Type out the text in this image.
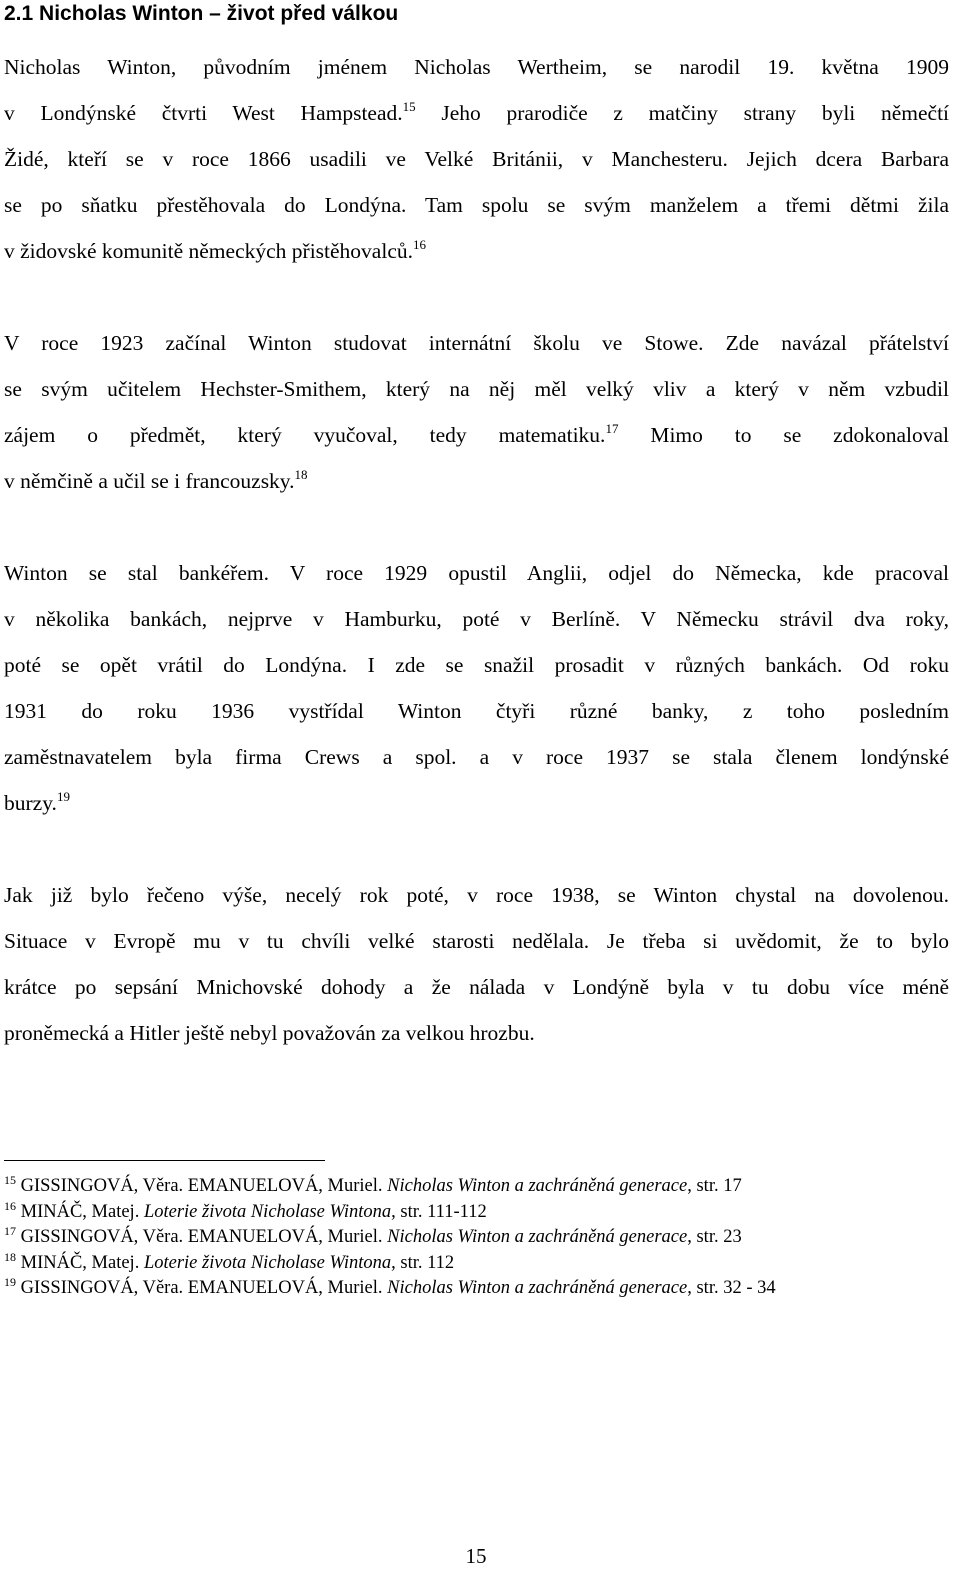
2.1 Nicholas Winton – život před válkou
Nicholas Winton, původním jménem Nicholas Wertheim, se narodil 19. května 1909
v Londýnské čtvrti West Hampstead.$^{15}$ Jeho prarodiče z matčiny strany byli němečtí
Židé, kteří se v roce 1866 usadili ve Velké Británii, v Manchesteru. Jejich dcera Barbara
se po sňatku přestěhovala do Londýna. Tam spolu se svým manželem a třemi dětmi žila
v židovské komunitě německých přistěhovalců.$^{16}$
V roce 1923 začínal Winton studovat internátní školu ve Stowe. Zde navázal přátelství
se svým učitelem Hechster-Smithem, který na něj měl velký vliv a který v něm vzbudil
zájem o předmět, který vyučoval, tedy matematiku.$^{17}$ Mimo to se zdokonaloval
v němčině a učil se i francouzsky.$^{18}$
Winton se stal bankéřem. V roce 1929 opustil Anglii, odjel do Německa, kde pracoval
v několika bankách, nejprve v Hamburku, poté v Berlíně. V Německu strávil dva roky,
poté se opět vrátil do Londýna. I zde se snažil prosadit v různých bankách. Od roku
1931 do roku 1936 vystřídal Winton čtyři různé banky, z toho posledním
zaměstnavatelem byla firma Crews a spol. a v roce 1937 se stala členem londýnské
burzy.$^{19}$
Jak již bylo řečeno výše, necelý rok poté, v roce 1938, se Winton chystal na dovolenou.
Situace v Evropě mu v tu chvíli velké starosti nedělala. Je třeba si uvědomit, že to bylo
krátce po sepsání Mnichovské dohody a že nálada v Londýně byla v tu dobu více méně
proněmecká a Hitler ještě nebyl považován za velkou hrozbu.
$^{15}$ GISSINGOVÁ, Věra. EMANUELOVÁ, Muriel. Nicholas Winton a zachráněná generace, str. 17
$^{16}$ MINÁČ, Matej. Loterie života Nicholase Wintona, str. 111-112
$^{17}$ GISSINGOVÁ, Věra. EMANUELOVÁ, Muriel. Nicholas Winton a zachráněná generace, str. 23
$^{18}$ MINÁČ, Matej. Loterie života Nicholase Wintona, str. 112
$^{19}$ GISSINGOVÁ, Věra. EMANUELOVÁ, Muriel. Nicholas Winton a zachráněná generace, str. 32 - 34
15
